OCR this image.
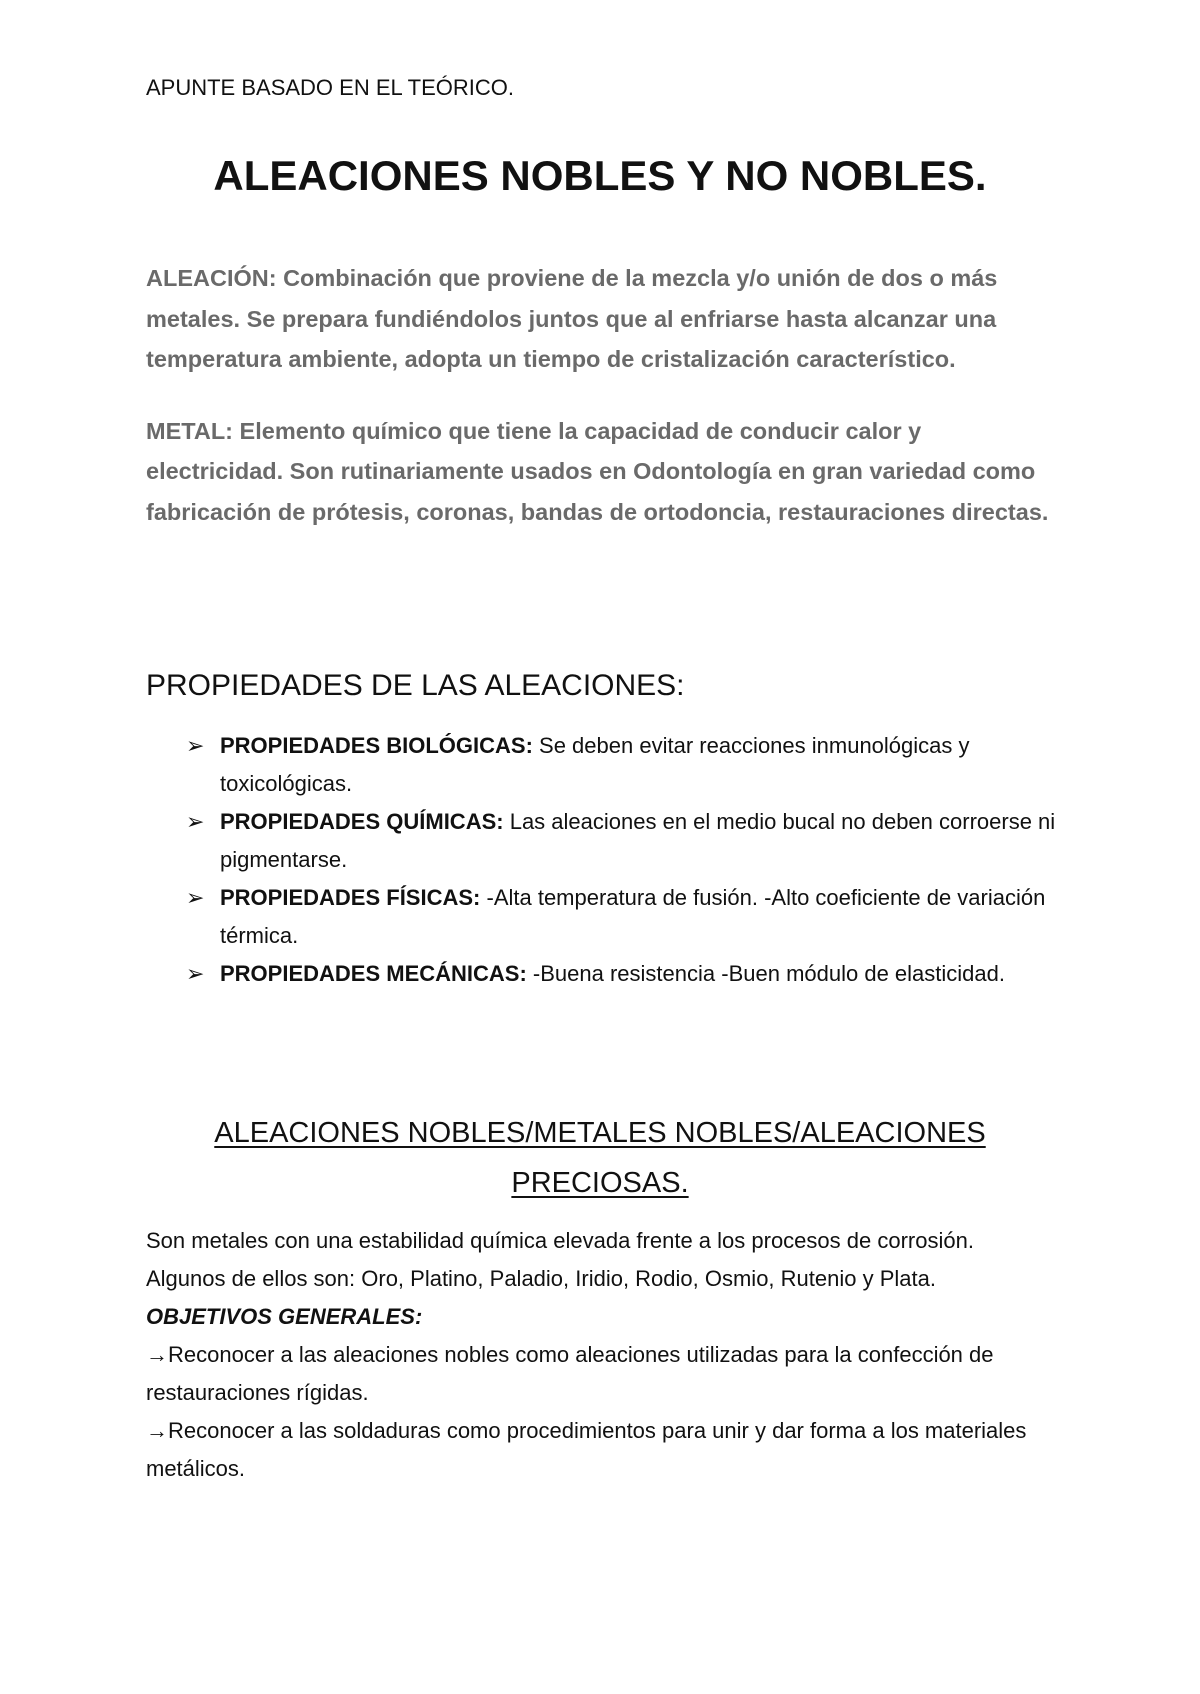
APUNTE BASADO EN EL TEÓRICO.
ALEACIONES NOBLES Y NO NOBLES.

ALEACIÓN: Combinación que proviene de la mezcla y/o unión de dos o más metales. Se prepara fundiéndolos juntos que al enfriarse hasta alcanzar una temperatura ambiente, adopta un tiempo de cristalización característico.

METAL: Elemento químico que tiene la capacidad de conducir calor y electricidad. Son rutinariamente usados en Odontología en gran variedad como fabricación de prótesis, coronas, bandas de ortodoncia, restauraciones directas.

PROPIEDADES DE LAS ALEACIONES:
➢ PROPIEDADES BIOLÓGICAS: Se deben evitar reacciones inmunológicas y toxicológicas.
➢ PROPIEDADES QUÍMICAS: Las aleaciones en el medio bucal no deben corroerse ni pigmentarse.
➢ PROPIEDADES FÍSICAS: -Alta temperatura de fusión. -Alto coeficiente de variación térmica.
➢ PROPIEDADES MECÁNICAS: -Buena resistencia -Buen módulo de elasticidad.
ALEACIONES NOBLES/METALES NOBLES/ALEACIONES PRECIOSAS.

Son metales con una estabilidad química elevada frente a los procesos de corrosión.

Algunos de ellos son: Oro, Platino, Paladio, Iridio, Rodio, Osmio, Rutenio y Plata.

OBJETIVOS GENERALES:

→Reconocer a las aleaciones nobles como aleaciones utilizadas para la confección de restauraciones rígidas.

→Reconocer a las soldaduras como procedimientos para unir y dar forma a los materiales metálicos.
